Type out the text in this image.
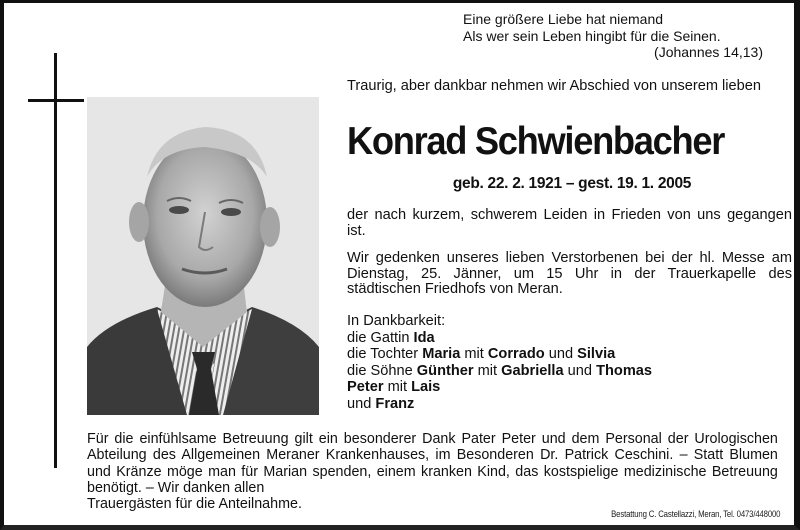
Eine größere Liebe hat niemand
Als wer sein Leben hingibt für die Seinen.
(Johannes 14,13)
Traurig, aber dankbar nehmen wir Abschied von unserem lieben
Konrad Schwienbacher
geb. 22. 2. 1921 – gest. 19. 1. 2005
der nach kurzem, schwerem Leiden in Frieden von uns gegangen ist.
Wir gedenken unseres lieben Verstorbenen bei der hl. Messe am Dienstag, 25. Jänner, um 15 Uhr in der Trauerkapelle des städtischen Friedhofs von Meran.
In Dankbarkeit:
die Gattin Ida
die Tochter Maria mit Corrado und Silvia
die Söhne Günther mit Gabriella und Thomas
Peter mit Lais
und Franz
Für die einfühlsame Betreuung gilt ein besonderer Dank Pater Peter und dem Personal der Urologischen Abteilung des Allgemeinen Meraner Krankenhauses, im Besonderen Dr. Patrick Ceschini. – Statt Blumen und Kränze möge man für Marian spenden, einem kranken Kind, das kostspielige medizinische Betreuung benötigt. – Wir danken allen
Trauergästen für die Anteilnahme.
Bestattung C. Castellazzi, Meran, Tel. 0473/448000
